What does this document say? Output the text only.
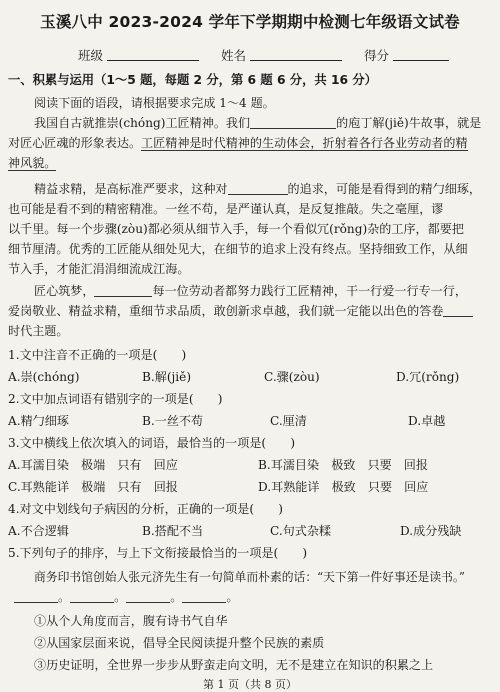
玉溪八中 2023-2024 学年下学期期中检测七年级语文试卷
班级	姓名	得分
一、积累与运用（1～5 题，每题 2 分，第 6 题 6 分，共 16 分）
阅读下面的语段，请根据要求完成 1～4 题。
我国自古就推崇(chóng)工匠精神。我们	的庖丁解(jiě)牛故事，就是
对匠心匠魂的形象表达。工匠精神是时代精神的生动体会，折射着各行各业劳动者的精
神风貌。
精益求精，是高标准严要求，这种对	的追求，可能是看得到的精勹细琢，
也可能是看不到的精密精准。一丝不苟，是严谨认真，是反复推敲。失之毫厘，谬
以千里。每一个步骤(zòu)都必须从细节入手，每一个看似冗(rǒng)杂的工序，都要把
细节厘清。优秀的工匠能从细处见大，在细节的追求上没有终点。坚持细致工作，从细
节入手，才能汇涓涓细流成江海。
匠心筑梦，	每一位劳动者都努力践行工匠精神，干一行爱一行专一行，
爱岗敬业、精益求精，重细节求品质，敢创新求卓越，我们就一定能以出色的答卷
时代主题。
1.文中注音不正确的一项是(　　)
A.崇(chóng)	B.解(jiě)	C.骤(zòu)	D.冗(rǒng)
2.文中加点词语有错别字的一项是(　　)
A.精勹细琢	B.一丝不苟	C.厘清	D.卓越
3.文中横线上依次填入的词语，最恰当的一项是(　　)
A.耳濡目染　极端　只有　回应	B.耳濡目染　极致　只要　回报
C.耳熟能详　极端　只有　回报	D.耳熟能详　极致　只要　回应
4.对文中划线句子病因的分析，正确的一项是(　　)
A.不合逻辑	B.搭配不当	C.句式杂糅	D.成分残缺
5.下列句子的排序，与上下文衔接最恰当的一项是(　　)
商务印书馆创始人张元济先生有一句简单而朴素的话：“天下第一件好事还是读书。”
。	。	。	。
①从个人角度而言，腹有诗书气自华
②从国家层面来说，倡导全民阅读提升整个民族的素质
③历史证明，全世界一步步从野蛮走向文明，无不是建立在知识的积累之上
第 1 页（共 8 页）
